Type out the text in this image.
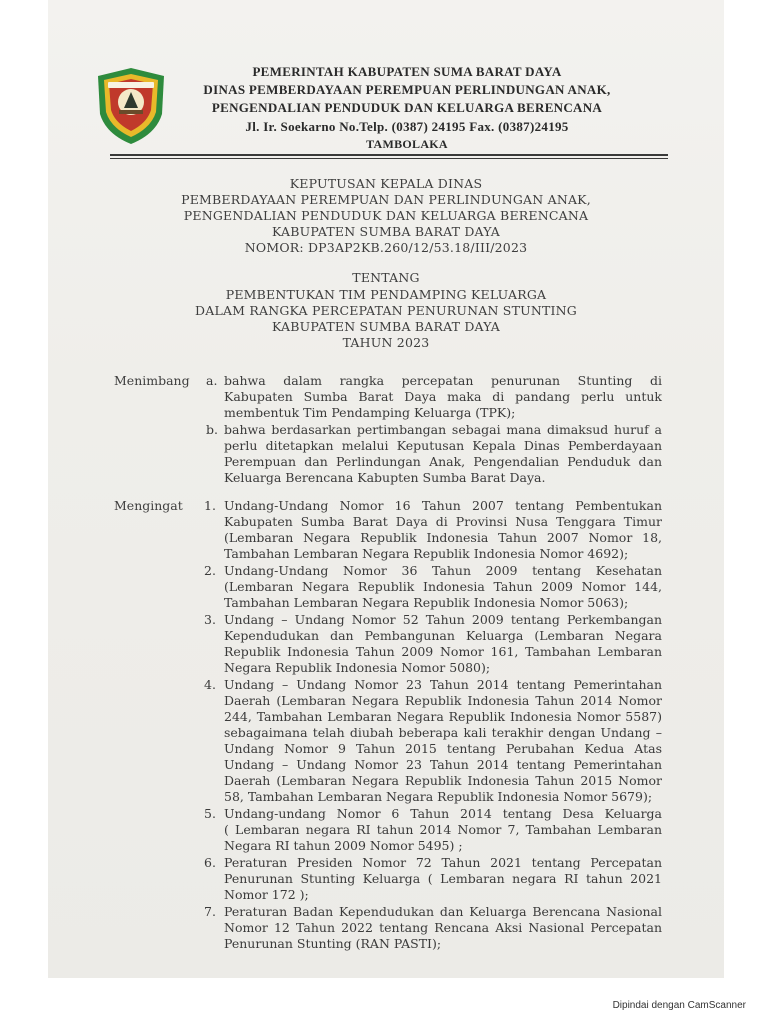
PEMERINTAH KABUPATEN SUMA BARAT DAYA
DINAS PEMBERDAYAAN PEREMPUAN PERLINDUNGAN ANAK,
PENGENDALIAN PENDUDUK DAN KELUARGA BERENCANA
Jl. Ir. Soekarno No.Telp. (0387) 24195 Fax. (0387)24195
TAMBOLAKA
KEPUTUSAN KEPALA DINAS
PEMBERDAYAAN PEREMPUAN DAN PERLINDUNGAN ANAK,
PENGENDALIAN PENDUDUK DAN KELUARGA BERENCANA
KABUPATEN SUMBA BARAT DAYA
NOMOR: DP3AP2KB.260/12/53.18/III/2023
TENTANG
PEMBENTUKAN TIM PENDAMPING KELUARGA
DALAM RANGKA PERCEPATAN PENURUNAN STUNTING
KABUPATEN SUMBA BARAT DAYA
TAHUN 2023
Menimbang a. bahwa dalam rangka percepatan penurunan Stunting di
Kabupaten Sumba Barat Daya maka di pandang perlu untuk
membentuk Tim Pendamping Keluarga (TPK);
b. bahwa berdasarkan pertimbangan sebagai mana dimaksud huruf a
perlu ditetapkan melalui Keputusan Kepala Dinas Pemberdayaan
Perempuan dan Perlindungan Anak, Pengendalian Penduduk dan
Keluarga Berencana Kabupten Sumba Barat Daya.
Mengingat 1. Undang-Undang Nomor 16 Tahun 2007 tentang Pembentukan
Kabupaten Sumba Barat Daya di Provinsi Nusa Tenggara Timur
(Lembaran Negara Republik Indonesia Tahun 2007 Nomor 18,
Tambahan Lembaran Negara Republik Indonesia Nomor 4692);
2. Undang-Undang Nomor 36 Tahun 2009 tentang Kesehatan
(Lembaran Negara Republik Indonesia Tahun 2009 Nomor 144,
Tambahan Lembaran Negara Republik Indonesia Nomor 5063);
3. Undang – Undang Nomor 52 Tahun 2009 tentang Perkembangan
Kependudukan dan Pembangunan Keluarga (Lembaran Negara
Republik Indonesia Tahun 2009 Nomor 161, Tambahan Lembaran
Negara Republik Indonesia Nomor 5080);
4. Undang – Undang Nomor 23 Tahun 2014 tentang Pemerintahan
Daerah (Lembaran Negara Republik Indonesia Tahun 2014 Nomor
244, Tambahan Lembaran Negara Republik Indonesia Nomor 5587)
sebagaimana telah diubah beberapa kali terakhir dengan Undang –
Undang Nomor 9 Tahun 2015 tentang Perubahan Kedua Atas
Undang – Undang Nomor 23 Tahun 2014 tentang Pemerintahan
Daerah (Lembaran Negara Republik Indonesia Tahun 2015 Nomor
58, Tambahan Lembaran Negara Republik Indonesia Nomor 5679);
5. Undang-undang Nomor 6 Tahun 2014 tentang Desa Keluarga
( Lembaran negara RI tahun 2014 Nomor 7, Tambahan Lembaran
Negara RI tahun 2009 Nomor 5495) ;
6. Peraturan Presiden Nomor 72 Tahun 2021 tentang Percepatan
Penurunan Stunting Keluarga ( Lembaran negara RI tahun 2021
Nomor 172 );
7. Peraturan Badan Kependudukan dan Keluarga Berencana Nasional
Nomor 12 Tahun 2022 tentang Rencana Aksi Nasional Percepatan
Penurunan Stunting (RAN PASTI);
Dipindai dengan CamScanner
